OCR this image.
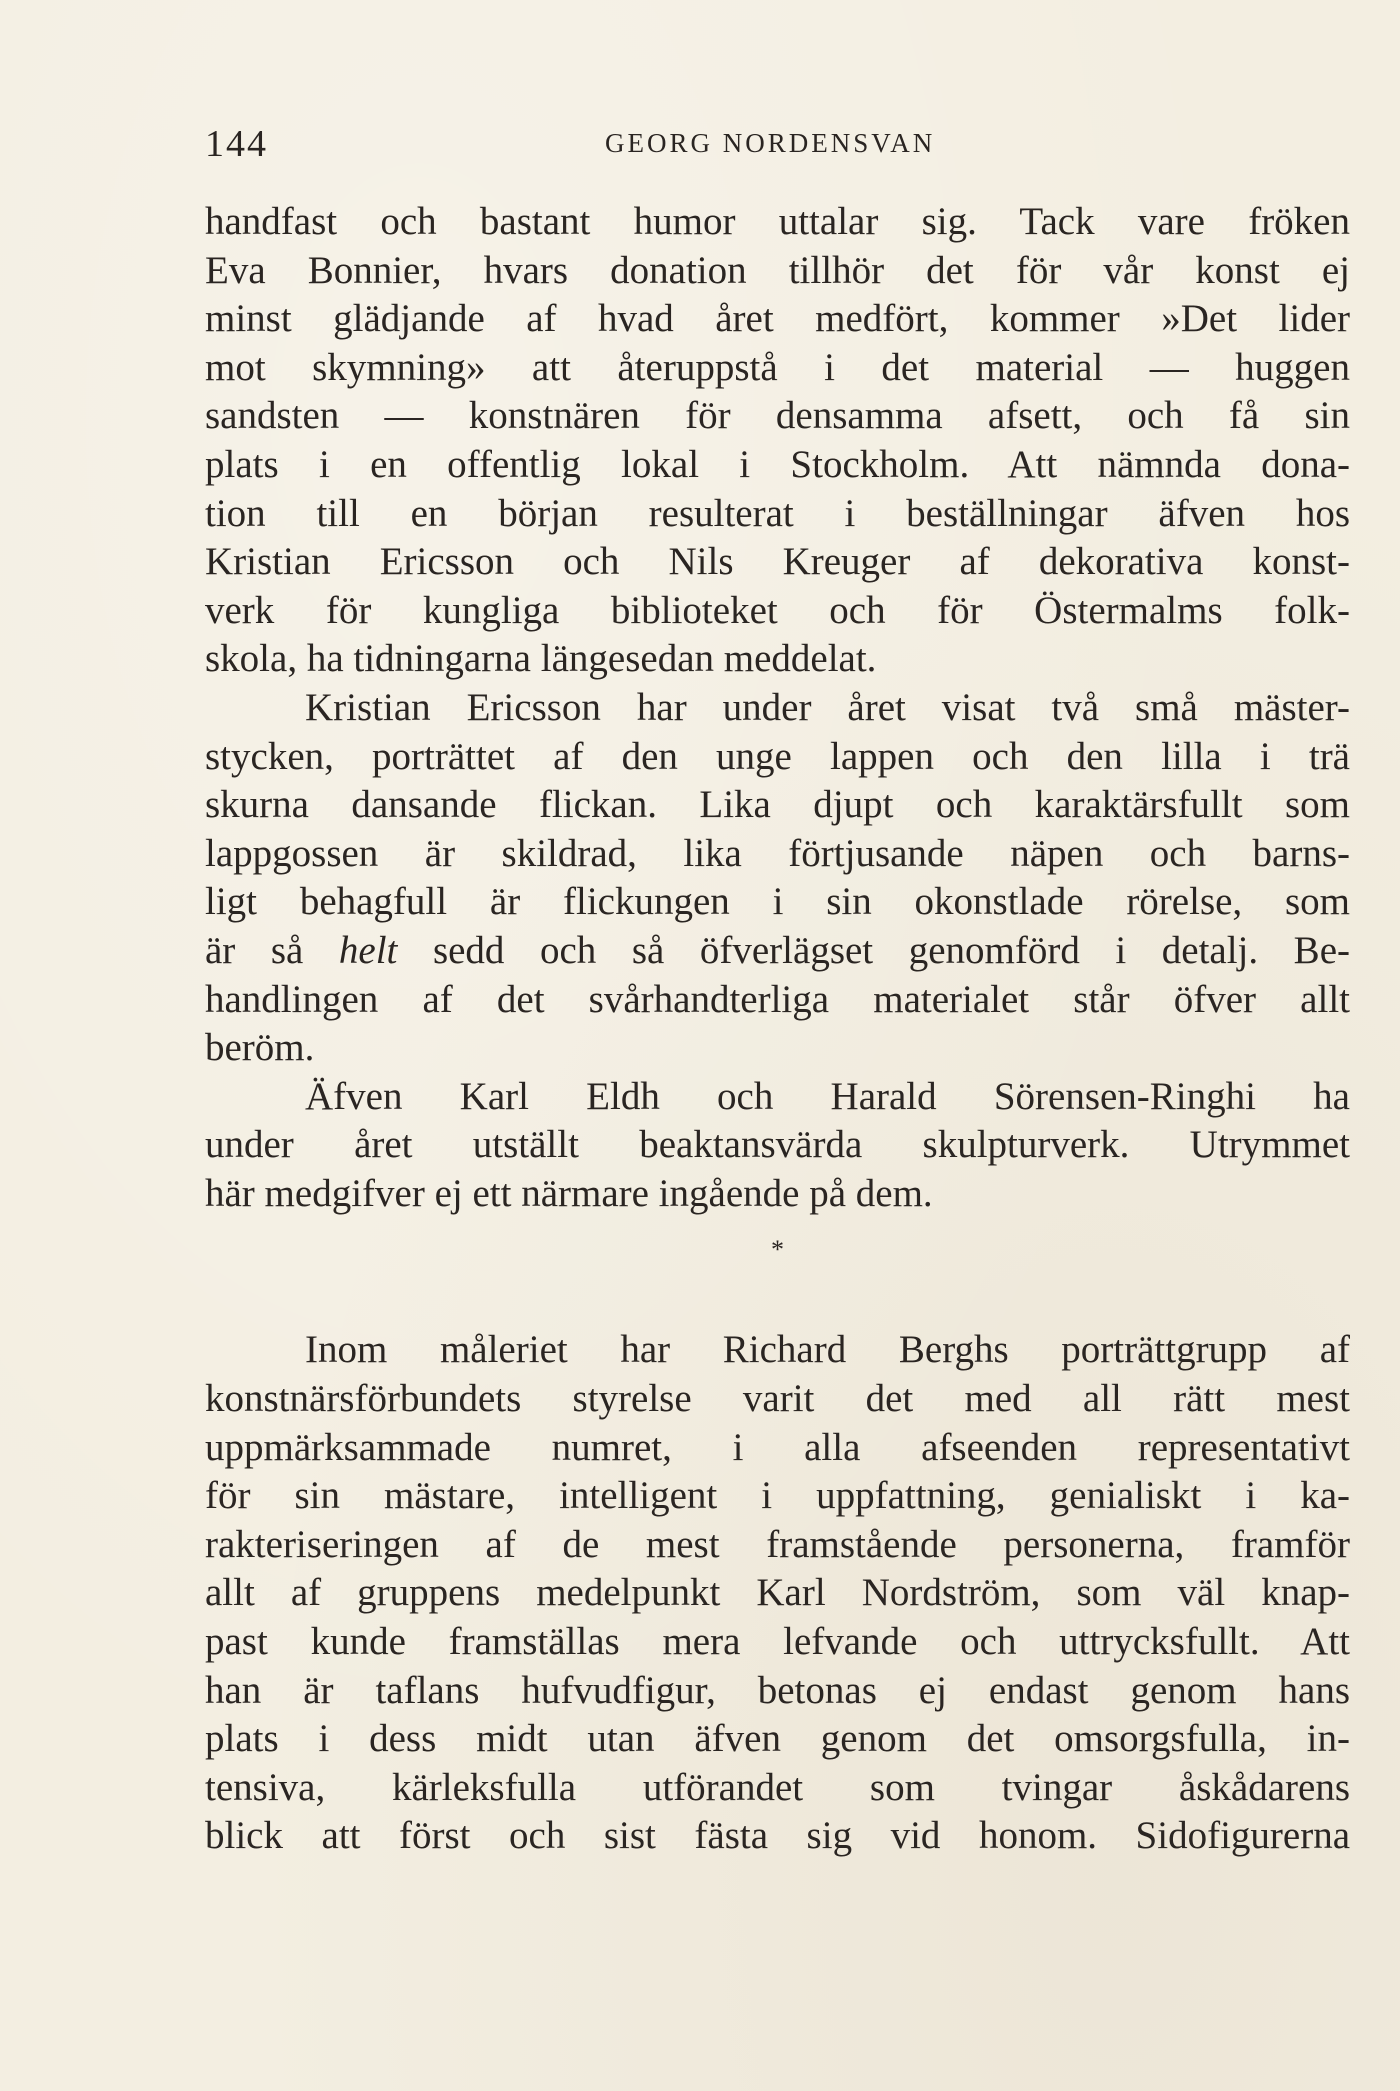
144	GEORG NORDENSVAN
handfast och bastant humor uttalar sig. Tack vare fröken
Eva Bonnier, hvars donation tillhör det för vår konst ej
minst glädjande af hvad året medfört, kommer »Det lider
mot skymning» att återuppstå i det material — huggen
sandsten — konstnären för densamma afsett, och få sin
plats i en offentlig lokal i Stockholm. Att nämnda dona-
tion till en början resulterat i beställningar äfven hos
Kristian Ericsson och Nils Kreuger af dekorativa konst-
verk för kungliga biblioteket och för Östermalms folk-
skola, ha tidningarna längesedan meddelat.
Kristian Ericsson har under året visat två små mäster-
stycken, porträttet af den unge lappen och den lilla i trä
skurna dansande flickan. Lika djupt och karaktärsfullt som
lappgossen är skildrad, lika förtjusande näpen och barns-
ligt behagfull är flickungen i sin okonstlade rörelse, som
är så helt sedd och så öfverlägset genomförd i detalj. Be-
handlingen af det svårhandterliga materialet står öfver allt
beröm.
Äfven Karl Eldh och Harald Sörensen-Ringhi ha
under året utställt beaktansvärda skulpturverk. Utrymmet
här medgifver ej ett närmare ingående på dem.
*
Inom måleriet har Richard Berghs porträttgrupp af
konstnärsförbundets styrelse varit det med all rätt mest
uppmärksammade numret, i alla afseenden representativt
för sin mästare, intelligent i uppfattning, genialiskt i ka-
rakteriseringen af de mest framstående personerna, framför
allt af gruppens medelpunkt Karl Nordström, som väl knap-
past kunde framställas mera lefvande och uttrycksfullt. Att
han är taflans hufvudfigur, betonas ej endast genom hans
plats i dess midt utan äfven genom det omsorgsfulla, in-
tensiva, kärleksfulla utförandet som tvingar åskådarens
blick att först och sist fästa sig vid honom. Sidofigurerna
